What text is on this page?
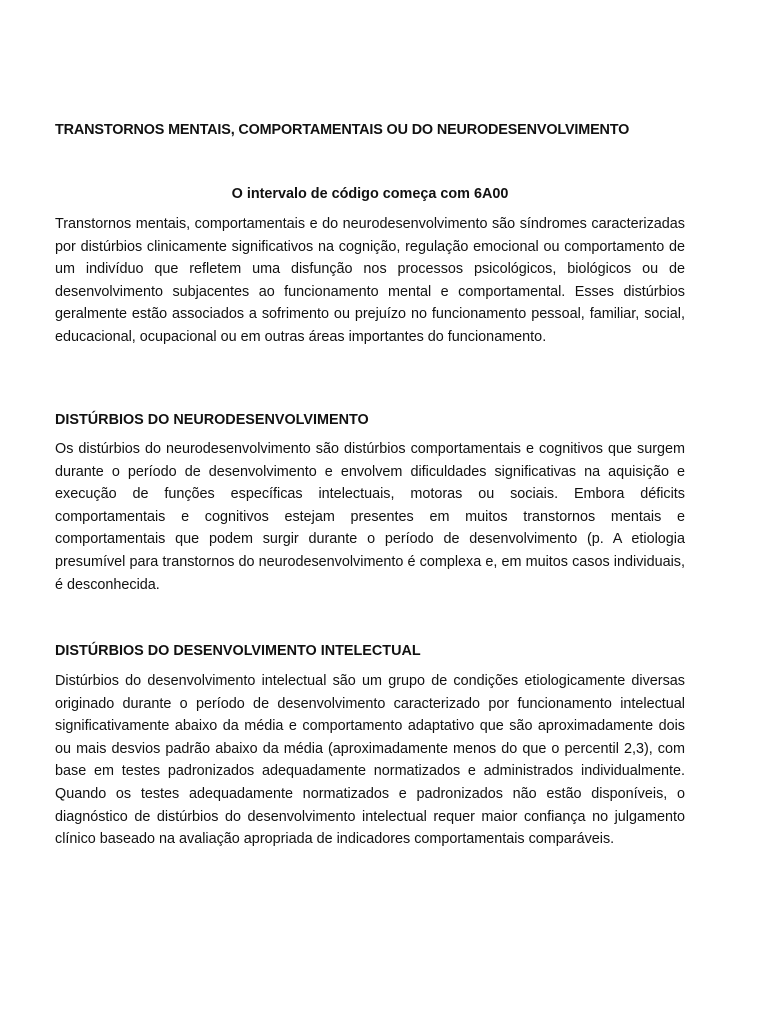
TRANSTORNOS MENTAIS, COMPORTAMENTAIS OU DO NEURODESENVOLVIMENTO

O intervalo de código começa com 6A00

Transtornos mentais, comportamentais e do neurodesenvolvimento são síndromes caracterizadas por distúrbios clinicamente significativos na cognição, regulação emocional ou comportamento de um indivíduo que refletem uma disfunção nos processos psicológicos, biológicos ou de desenvolvimento subjacentes ao funcionamento mental e comportamental. Esses distúrbios geralmente estão associados a sofrimento ou prejuízo no funcionamento pessoal, familiar, social, educacional, ocupacional ou em outras áreas importantes do funcionamento.

DISTÚRBIOS DO NEURODESENVOLVIMENTO

Os distúrbios do neurodesenvolvimento são distúrbios comportamentais e cognitivos que surgem durante o período de desenvolvimento e envolvem dificuldades significativas na aquisição e execução de funções específicas intelectuais, motoras ou sociais. Embora déficits comportamentais e cognitivos estejam presentes em muitos transtornos mentais e comportamentais que podem surgir durante o período de desenvolvimento (p. A etiologia presumível para transtornos do neurodesenvolvimento é complexa e, em muitos casos individuais, é desconhecida.

DISTÚRBIOS DO DESENVOLVIMENTO INTELECTUAL

Distúrbios do desenvolvimento intelectual são um grupo de condições etiologicamente diversas originado durante o período de desenvolvimento caracterizado por funcionamento intelectual significativamente abaixo da média e comportamento adaptativo que são aproximadamente dois ou mais desvios padrão abaixo da média (aproximadamente menos do que o percentil 2,3), com base em testes padronizados adequadamente normatizados e administrados individualmente. Quando os testes adequadamente normatizados e padronizados não estão disponíveis, o diagnóstico de distúrbios do desenvolvimento intelectual requer maior confiança no julgamento clínico baseado na avaliação apropriada de indicadores comportamentais comparáveis.
